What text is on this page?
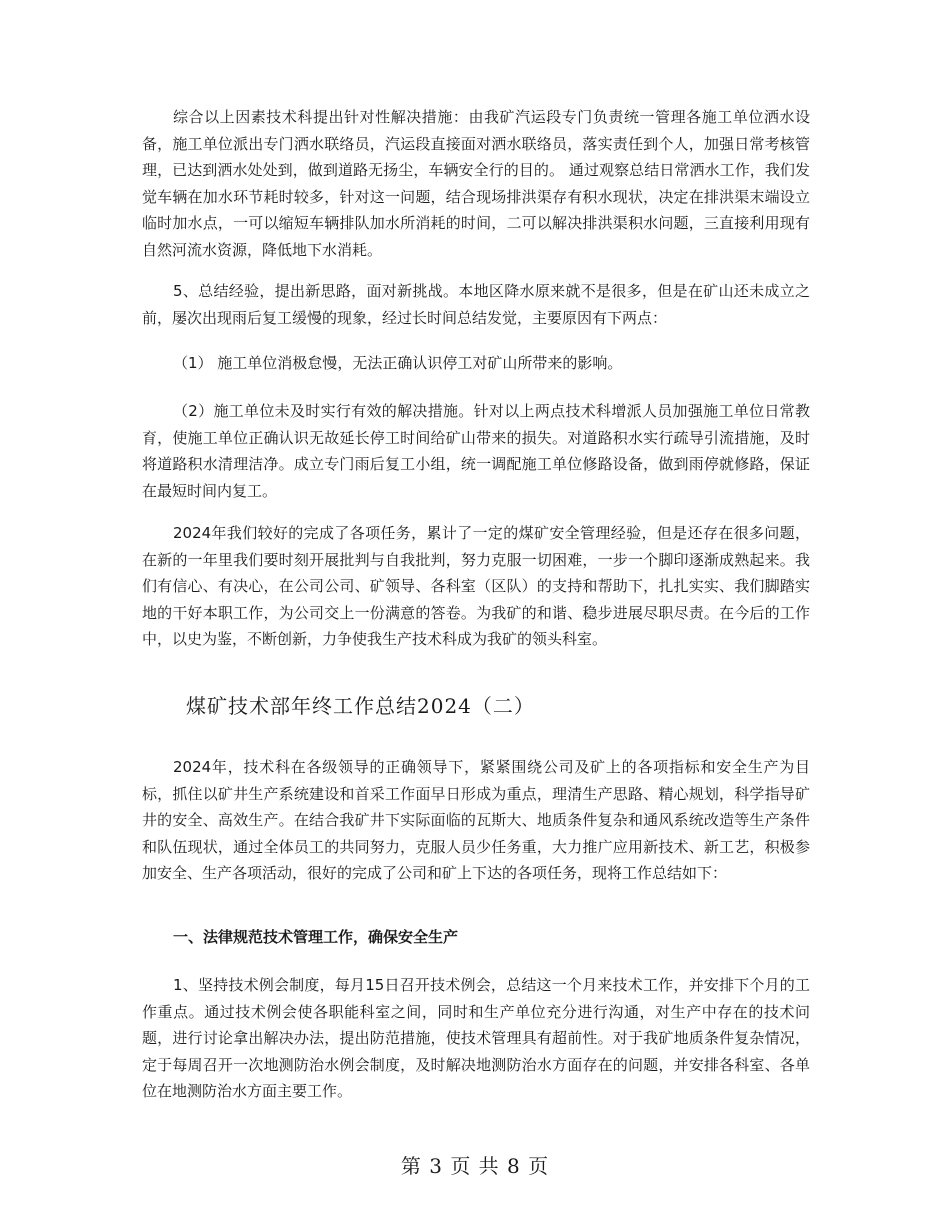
综合以上因素技术科提出针对性解决措施：由我矿汽运段专门负责统一管理各施工单位洒水设备，施工单位派出专门洒水联络员，汽运段直接面对洒水联络员，落实责任到个人，加强日常考核管理，已达到洒水处处到，做到道路无扬尘，车辆安全行的目的。 通过观察总结日常洒水工作，我们发觉车辆在加水环节耗时较多，针对这一问题，结合现场排洪渠存有积水现状，决定在排洪渠末端设立临时加水点，一可以缩短车辆排队加水所消耗的时间，二可以解决排洪渠积水问题，三直接利用现有自然河流水资源，降低地下水消耗。

5、总结经验，提出新思路，面对新挑战。本地区降水原来就不是很多，但是在矿山还未成立之前，屡次出现雨后复工缓慢的现象，经过长时间总结发觉，主要原因有下两点：

（1） 施工单位消极怠慢，无法正确认识停工对矿山所带来的影响。

（2）施工单位未及时实行有效的解决措施。针对以上两点技术科增派人员加强施工单位日常教育，使施工单位正确认识无故延长停工时间给矿山带来的损失。对道路积水实行疏导引流措施，及时将道路积水清理洁净。成立专门雨后复工小组，统一调配施工单位修路设备，做到雨停就修路，保证在最短时间内复工。

2024年我们较好的完成了各项任务，累计了一定的煤矿安全管理经验，但是还存在很多问题，在新的一年里我们要时刻开展批判与自我批判，努力克服一切困难，一步一个脚印逐渐成熟起来。我们有信心、有决心，在公司公司、矿领导、各科室（区队）的支持和帮助下，扎扎实实、我们脚踏实地的干好本职工作，为公司交上一份满意的答卷。为我矿的和谐、稳步进展尽职尽责。在今后的工作中，以史为鉴，不断创新，力争使我生产技术科成为我矿的领头科室。

煤矿技术部年终工作总结2024（二）

2024年，技术科在各级领导的正确领导下，紧紧围绕公司及矿上的各项指标和安全生产为目标，抓住以矿井生产系统建设和首采工作面早日形成为重点，理清生产思路、精心规划，科学指导矿井的安全、高效生产。在结合我矿井下实际面临的瓦斯大、地质条件复杂和通风系统改造等生产条件和队伍现状，通过全体员工的共同努力，克服人员少任务重，大力推广应用新技术、新工艺，积极参加安全、生产各项活动，很好的完成了公司和矿上下达的各项任务，现将工作总结如下：

一、法律规范技术管理工作，确保安全生产

1、坚持技术例会制度，每月15日召开技术例会，总结这一个月来技术工作，并安排下个月的工作重点。通过技术例会使各职能科室之间，同时和生产单位充分进行沟通，对生产中存在的技术问题，进行讨论拿出解决办法，提出防范措施，使技术管理具有超前性。对于我矿地质条件复杂情况，定于每周召开一次地测防治水例会制度，及时解决地测防治水方面存在的问题，并安排各科室、各单位在地测防治水方面主要工作。

第 3 页 共 8 页
